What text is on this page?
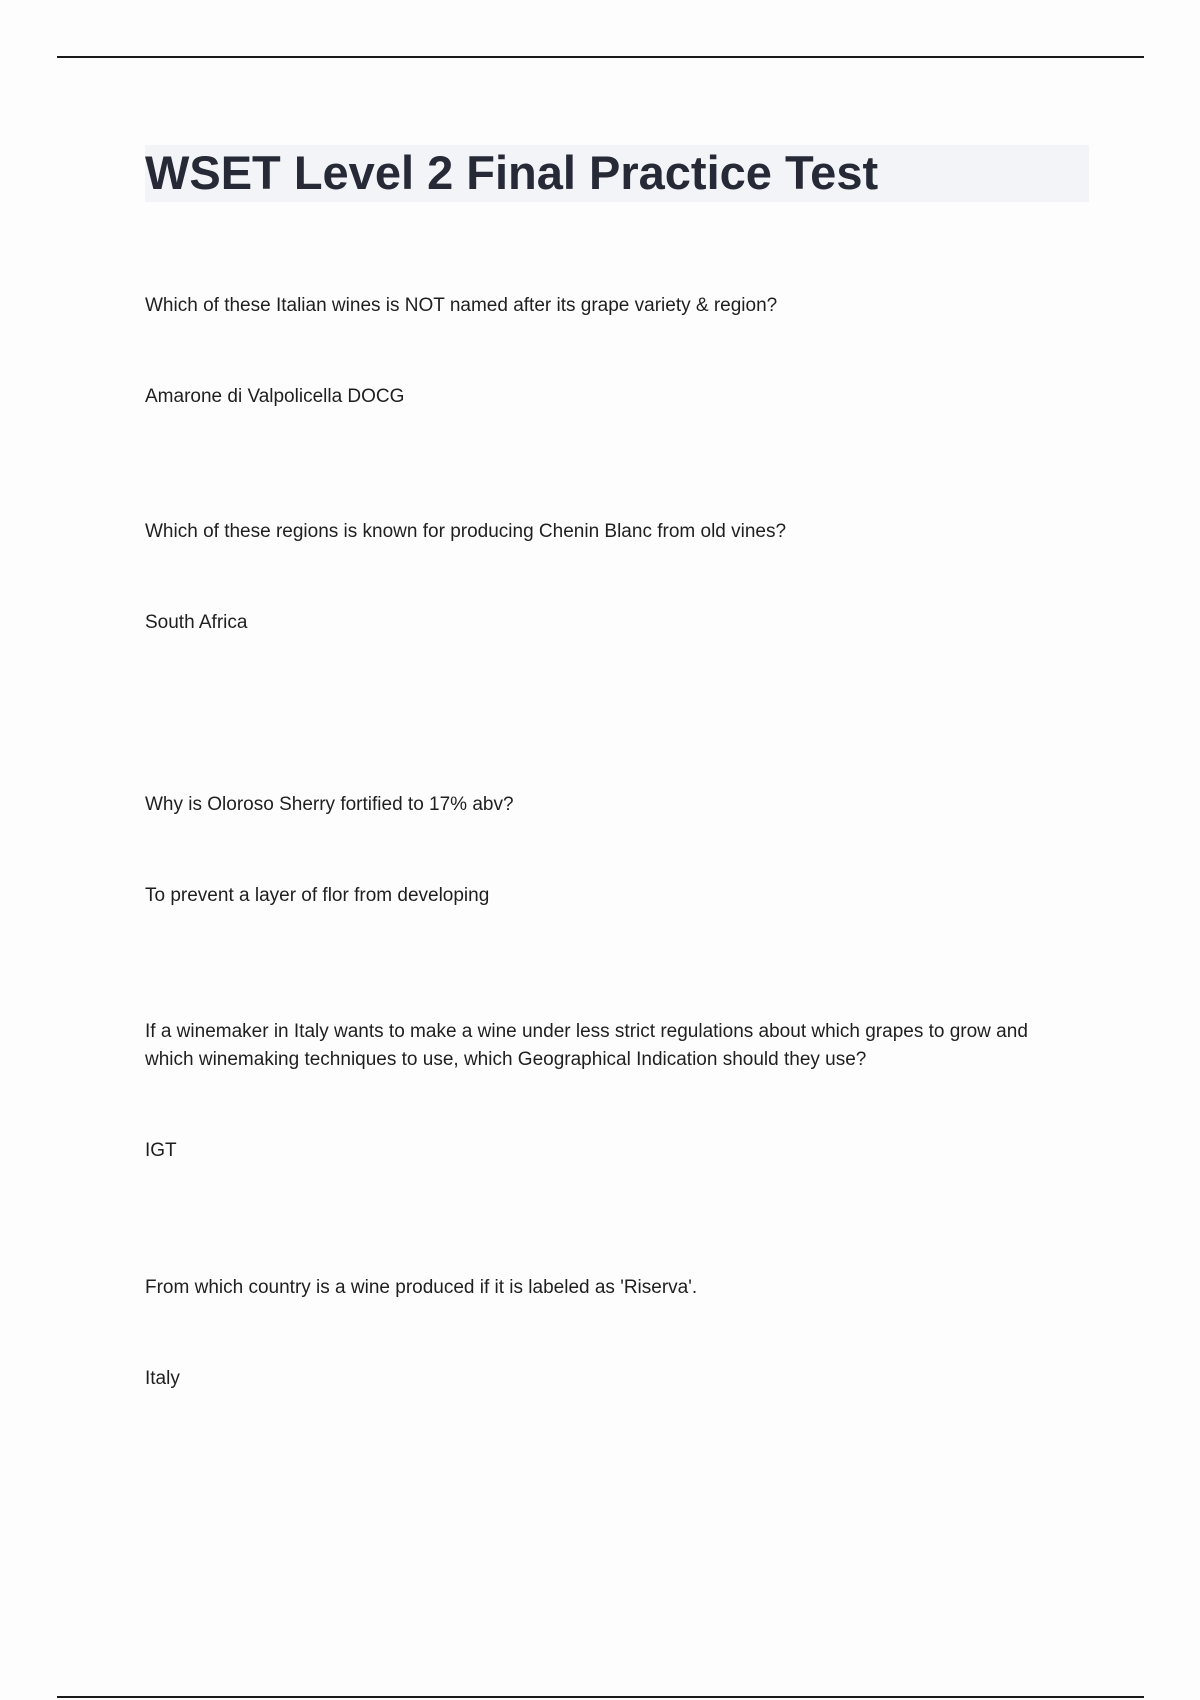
WSET Level 2 Final Practice Test

Which of these Italian wines is NOT named after its grape variety & region?

Amarone di Valpolicella DOCG

Which of these regions is known for producing Chenin Blanc from old vines?

South Africa

Why is Oloroso Sherry fortified to 17% abv?

To prevent a layer of flor from developing

If a winemaker in Italy wants to make a wine under less strict regulations about which grapes to grow and which winemaking techniques to use, which Geographical Indication should they use?

IGT

From which country is a wine produced if it is labeled as 'Riserva'.

Italy
